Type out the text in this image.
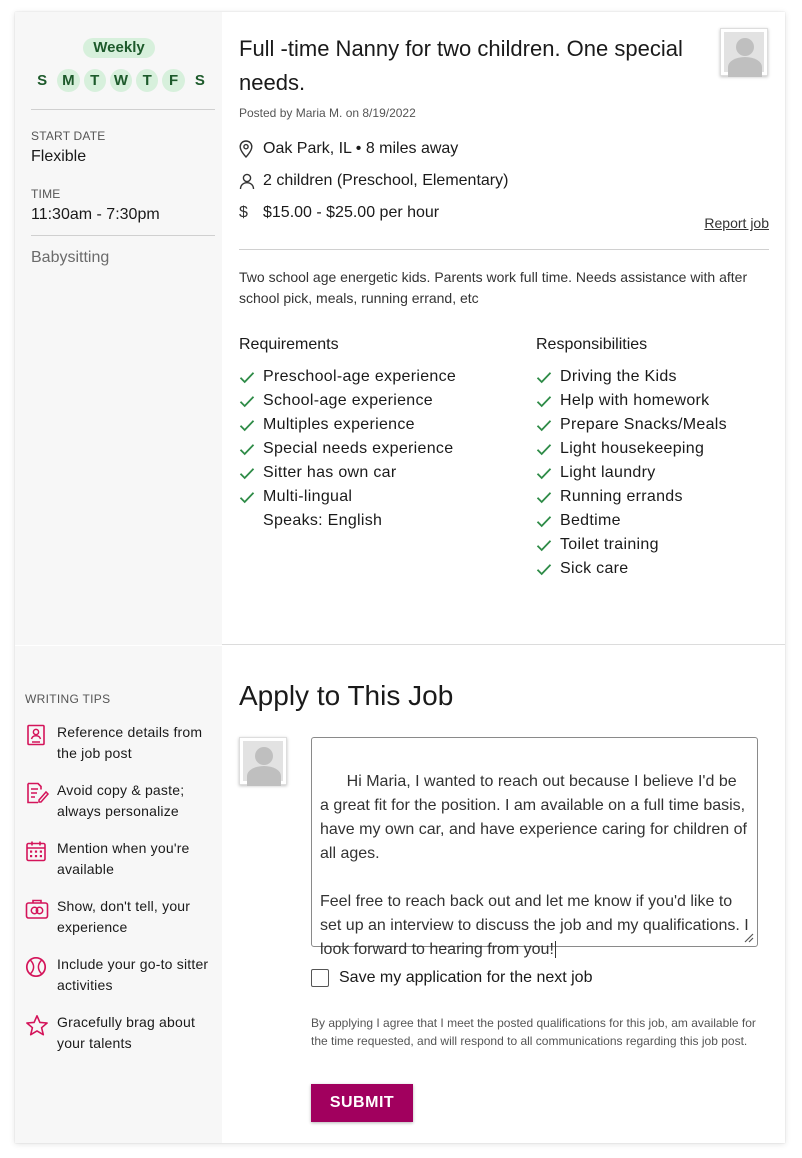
Weekly
S	M	T W T	F	S
START DATE
Flexible
TIME
11:30am - 7:30pm
Babysitting
Full -time Nanny for two children. One special needs.
Posted by Maria M. on 8/19/2022
Oak Park, IL • 8 miles away
2 children (Preschool, Elementary)
$ $15.00 - $25.00 per hour
Report job
Two school age energetic kids. Parents work full time. Needs assistance with after school pick, meals, running errand, etc
Requirements
Preschool-age experience
School-age experience
Multiples experience
Special needs experience
Sitter has own car
Multi-lingual
Speaks: English
Responsibilities
Driving the Kids
Help with homework
Prepare Snacks/Meals
Light housekeeping
Light laundry
Running errands
Bedtime
Toilet training
Sick care
WRITING TIPS
Reference details from the job post
Avoid copy & paste; always personalize
Mention when you're available
Show, don't tell, your experience
Include your go-to sitter activities
Gracefully brag about your talents
Apply to This Job

Hi Maria, I wanted to reach out because I believe I'd be a great fit for the position. I am available on a full time basis, have my own car, and have experience caring for children of all ages.

Feel free to reach back out and let me know if you'd like to set up an interview to discuss the job and my qualifications. I look forward to hearing from you!

Save my application for the next job
By applying I agree that I meet the posted qualifications for this job, am available for the time requested, and will respond to all communications regarding this job post.
SUBMIT
